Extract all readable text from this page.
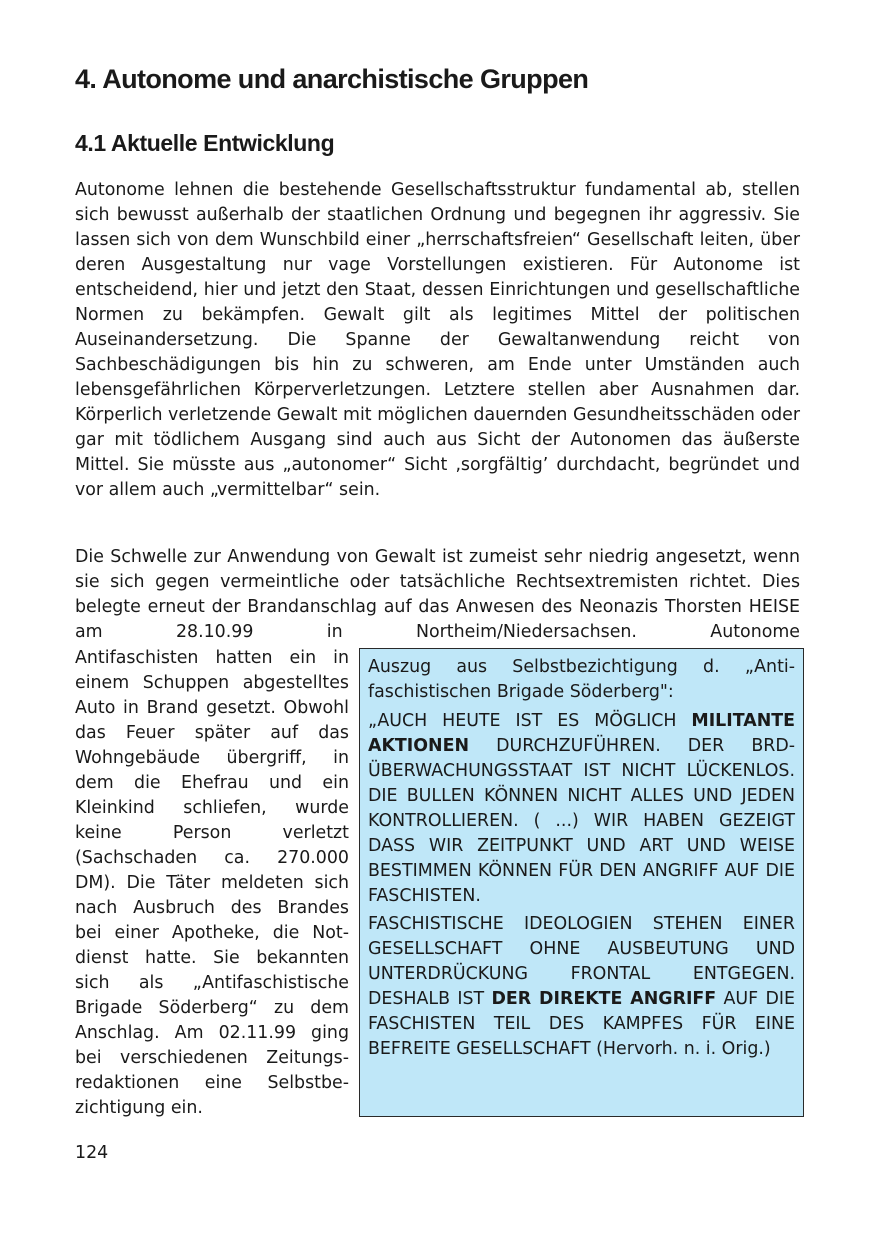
4. Autonome und anarchistische Gruppen
4.1 Aktuelle Entwicklung

Autonome lehnen die bestehende Gesellschaftsstruktur fundamental ab, stellen sich bewusst außerhalb der staatlichen Ordnung und begegnen ihr aggressiv. Sie lassen sich von dem Wunschbild einer „herrschaftsfreien“ Gesellschaft leiten, über deren Ausgestaltung nur vage Vorstellungen existieren. Für Autonome ist entscheidend, hier und jetzt den Staat, dessen Einrichtungen und gesellschaftliche Normen zu bekämpfen. Gewalt gilt als legitimes Mittel der politischen Auseinandersetzung. Die Spanne der Gewaltanwendung reicht von Sachbeschädigungen bis hin zu schweren, am Ende unter Umständen auch lebensgefährlichen Körperverletzungen. Letztere stellen aber Ausnahmen dar. Körperlich verletzende Gewalt mit möglichen dauernden Gesundheitsschäden oder gar mit tödlichem Ausgang sind auch aus Sicht der Autonomen das äußerste Mittel. Sie müsste aus „autonomer“ Sicht ‚sorgfältig’ durchdacht, begründet und vor allem auch „vermittelbar“ sein.

Die Schwelle zur Anwendung von Gewalt ist zumeist sehr niedrig angesetzt, wenn sie sich gegen vermeintliche oder tatsächliche Rechtsextremisten richtet. Dies belegte erneut der Brandanschlag auf das Anwesen des Neonazis Thorsten HEISE am 28.10.99 in Northeim/Niedersachsen. Autonome

Antifaschisten hatten ein in einem Schuppen abgestelltes Auto in Brand gesetzt. Obwohl das Feuer später auf das Wohngebäude übergriff, in dem die Ehefrau und ein Kleinkind schliefen, wurde keine Person verletzt (Sachschaden ca. 270.000 DM). Die Täter meldeten sich nach Ausbruch des Brandes bei einer Apotheke, die Notdienst hatte. Sie bekannten sich als „Antifaschistische Brigade Söderberg“ zu dem Anschlag. Am 02.11.99 ging bei verschiedenen Zeitungsredaktionen eine Selbstbezichtigung ein.

Auszug aus Selbstbezichtigung d. „Antifaschistischen Brigade Söderberg":

„AUCH HEUTE IST ES MÖGLICH MILITANTE AKTIONEN DURCHZUFÜHREN. DER BRD-ÜBERWACHUNGSSTAAT IST NICHT LÜCKENLOS. DIE BULLEN KÖNNEN NICHT ALLES UND JEDEN KONTROLLIEREN. ( ...) WIR HABEN GEZEIGT DASS WIR ZEITPUNKT UND ART UND WEISE BESTIMMEN KÖNNEN FÜR DEN ANGRIFF AUF DIE FASCHISTEN.

FASCHISTISCHE IDEOLOGIEN STEHEN EINER GESELLSCHAFT OHNE AUSBEUTUNG UND UNTERDRÜCKUNG FRONTAL ENTGEGEN. DESHALB IST DER DIREKTE ANGRIFF AUF DIE FASCHISTEN TEIL DES KAMPFES FÜR EINE BEFREITE GESELLSCHAFT (Hervorh. n. i. Orig.)

124
